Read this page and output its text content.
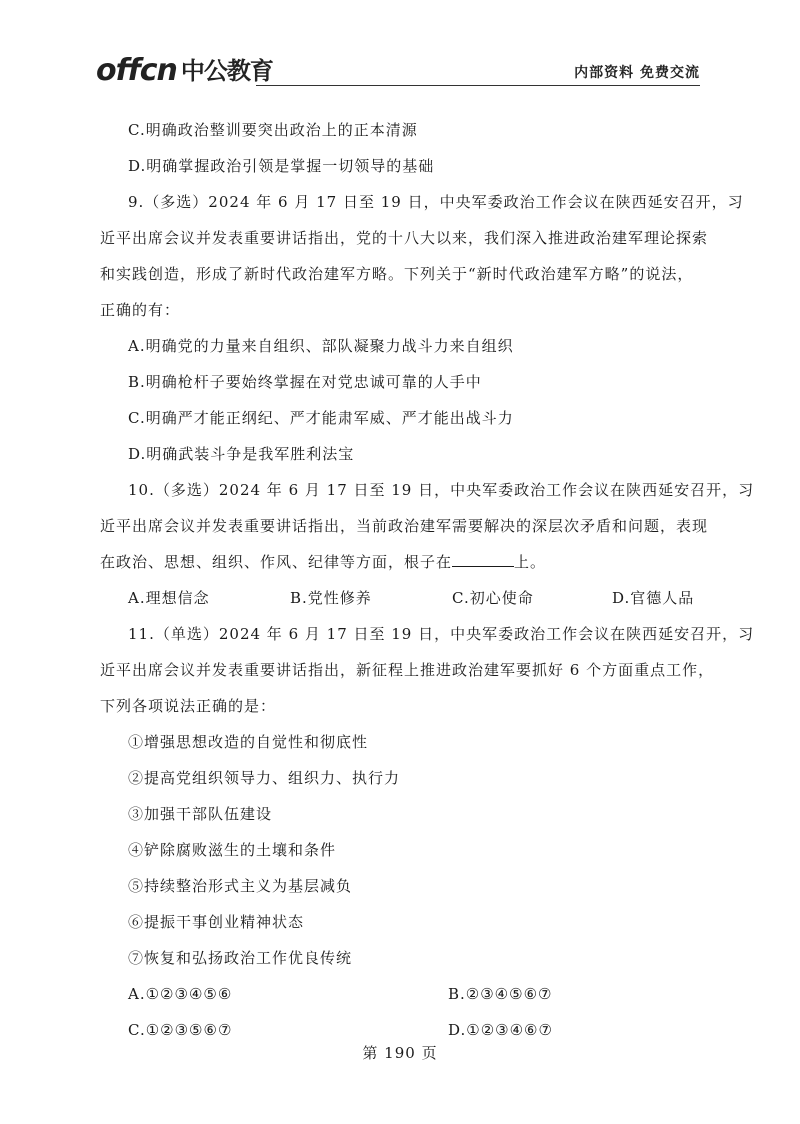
offcn 中公教育	内部资料 免费交流
C.明确政治整训要突出政治上的正本清源
D.明确掌握政治引领是掌握一切领导的基础
9.（多选）2024 年 6 月 17 日至 19 日，中央军委政治工作会议在陕西延安召开，习
近平出席会议并发表重要讲话指出，党的十八大以来，我们深入推进政治建军理论探索
和实践创造，形成了新时代政治建军方略。下列关于“新时代政治建军方略”的说法，
正确的有：
A.明确党的力量来自组织、部队凝聚力战斗力来自组织
B.明确枪杆子要始终掌握在对党忠诚可靠的人手中
C.明确严才能正纲纪、严才能肃军威、严才能出战斗力
D.明确武装斗争是我军胜利法宝
10.（多选）2024 年 6 月 17 日至 19 日，中央军委政治工作会议在陕西延安召开，习
近平出席会议并发表重要讲话指出，当前政治建军需要解决的深层次矛盾和问题，表现
在政治、思想、组织、作风、纪律等方面，根子在	上。
A.理想信念	B.党性修养	C.初心使命	D.官德人品
11.（单选）2024 年 6 月 17 日至 19 日，中央军委政治工作会议在陕西延安召开，习
近平出席会议并发表重要讲话指出，新征程上推进政治建军要抓好 6 个方面重点工作，
下列各项说法正确的是：
①增强思想改造的自觉性和彻底性
②提高党组织领导力、组织力、执行力
③加强干部队伍建设
④铲除腐败滋生的土壤和条件
⑤持续整治形式主义为基层减负
⑥提振干事创业精神状态
⑦恢复和弘扬政治工作优良传统
A.①②③④⑤⑥	B.②③④⑤⑥⑦
C.①②③⑤⑥⑦	D.①②③④⑥⑦
第 190 页
